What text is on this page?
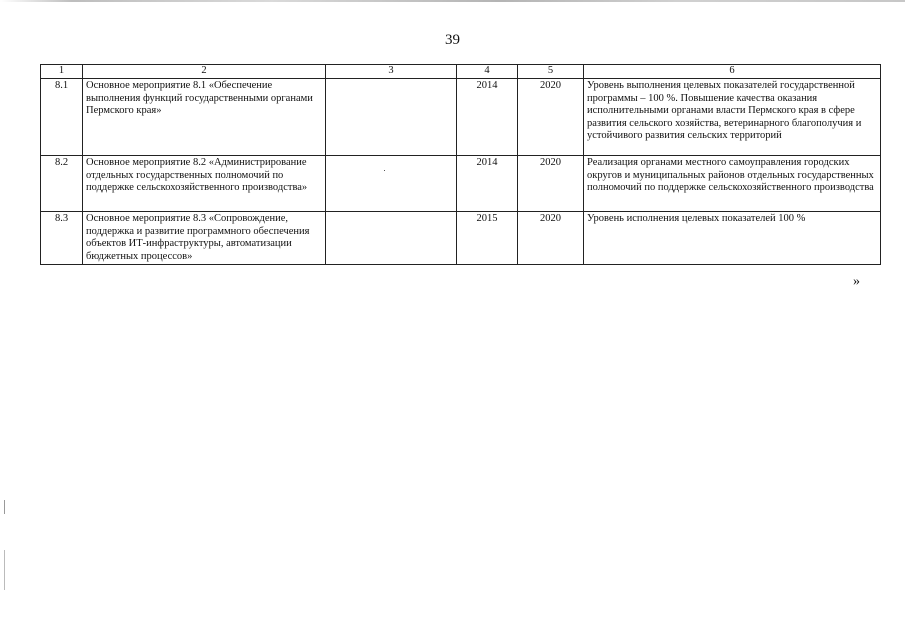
39
1	2	3	4	5	6
8.1	Основное мероприятие 8.1 «Обеспечение выполнения функций государственными органами Пермского края»		2014	2020	Уровень выполнения целевых показателей государственной программы – 100 %. Повышение качества оказания исполнительными органами власти Пермского края в сфере развития сельского хозяйства, ветеринарного благополучия и устойчивого развития сельских территорий
8.2	Основное мероприятие 8.2 «Администрирование отдельных государственных полномочий по поддержке сельскохозяйственного производства»		2014	2020	Реализация органами местного самоуправления городских округов и муниципальных районов отдельных государственных полномочий по поддержке сельскохозяйственного производства
8.3	Основное мероприятие 8.3 «Сопровождение, поддержка и развитие программного обеспечения объектов ИТ-инфраструктуры, автоматизации бюджетных процессов»		2015	2020	Уровень исполнения целевых показателей 100 %
»
